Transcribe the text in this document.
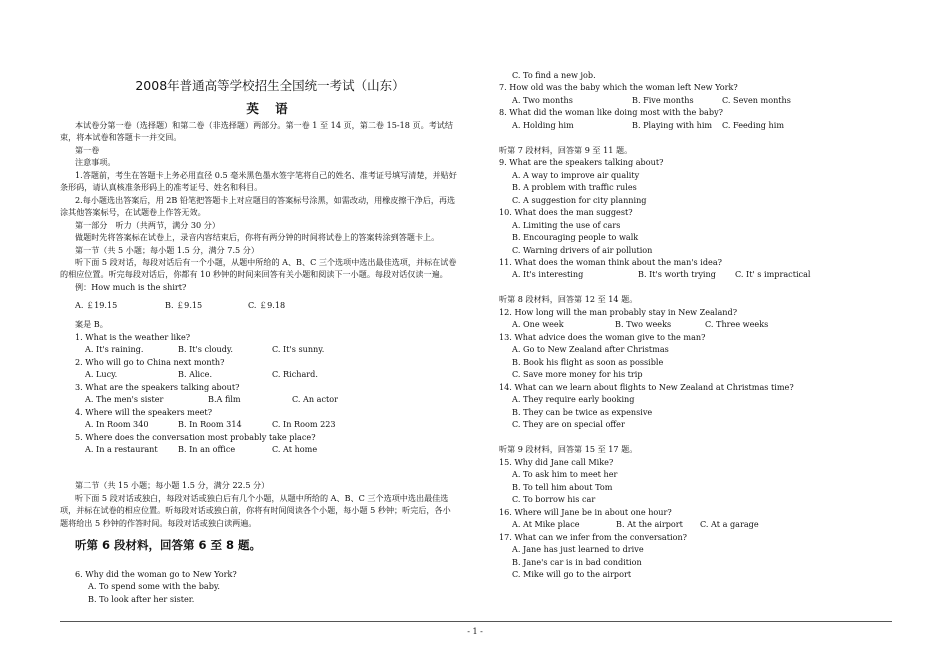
2008年普通高等学校招生全国统一考试（山东）
英 语
本试卷分第一卷（选择题）和第二卷（非选择题）两部分。第一卷 1 至 14 页，第二卷 15-18 页。考试结
束，将本试卷和答题卡一并交回。
第一卷
注意事项。
1.答题前，考生在答题卡上务必用直径 0.5 毫米黑色墨水签字笔将自己的姓名、准考证号填写清楚，并贴好
条形码，请认真核准条形码上的准考证号、姓名和科目。
2.每小题选出答案后，用 2B 铅笔把答题卡上对应题目的答案标号涂黑，如需改动，用橡皮擦干净后，再选
涂其他答案标号，在试题卷上作答无效。
第一部分　听力（共两节，满分 30 分）
做题时先将答案标在试卷上，录音内容结束后，你将有两分钟的时间将试卷上的答案转涂到答题卡上。
第一节（共 5 小题；每小题 1.5 分，满分 7.5 分）
听下面 5 段对话，每段对话后有一个小题，从题中所给的 A、B、C 三个选项中选出最佳选项，并标在试卷
的相应位置。听完每段对话后，你都有 10 秒钟的时间来回答有关小题和阅读下一小题。每段对话仅读一遍。
例：How much is the shirt?
A. ￡19.15	B. ￡9.15	C. ￡9.18
案是 B。
1. What is the weather like?
A. It's raining.	B. It's cloudy.	C. It's sunny.
2. Who will go to China next month?
A. Lucy.	B. Alice.	C. Richard.
3. What are the speakers talking about?
A. The men's sister	B.A film	C. An actor
4. Where will the speakers meet?
A. In Room 340	B. In Room 314	C. In Room 223
5. Where does the conversation most probably take place?
A. In a restaurant	B. In an office	C. At home
第二节（共 15 小题；每小题 1.5 分，满分 22.5 分）
听下面 5 段对话或独白，每段对话或独白后有几个小题，从题中所给的 A、B、C 三个选项中选出最佳选
项，并标在试卷的相应位置。听每段对话或独白前，你将有时间阅读各个小题，每小题 5 秒钟；听完后，各小
题将给出 5 秒钟的作答时间。每段对话或独白读两遍。
听第 6 段材料，回答第 6 至 8 题。
6. Why did the woman go to New York?
A. To spend some with the baby.
B. To look after her sister.
C. To find a new job.
7. How old was the baby which the woman left New York?
A. Two months	B. Five months	C. Seven months
8. What did the woman like doing most with the baby?
A. Holding him	B. Playing with him C. Feeding him
听第 7 段材料，回答第 9 至 11 题。
9. What are the speakers talking about?
A. A way to improve air quality
B. A problem with traffic rules
C. A suggestion for city planning
10. What does the man suggest?
A. Limiting the use of cars
B. Encouraging people to walk
C. Warning drivers of air pollution
11. What does the woman think about the man's idea?
A. It's interesting	B. It's worth trying C. It' s impractical
听第 8 段材料，回答第 12 至 14 题。
12. How long will the man probably stay in New Zealand?
A. One week	B. Two weeks	C. Three weeks
13. What advice does the woman give to the man?
A. Go to New Zealand after Christmas
B. Book his flight as soon as possible
C. Save more money for his trip
14. What can we learn about flights to New Zealand at Christmas time?
A. They require early booking
B. They can be twice as expensive
C. They are on special offer
听第 9 段材料，回答第 15 至 17 题。
15. Why did Jane call Mike?
A. To ask him to meet her
B. To tell him about Tom
C. To borrow his car
16. Where will Jane be in about one hour?
A. At Mike place	B. At the airport C. At a garage
17. What can we infer from the conversation?
A. Jane has just learned to drive
B. Jane's car is in bad condition
C. Mike will go to the airport
- 1 -
